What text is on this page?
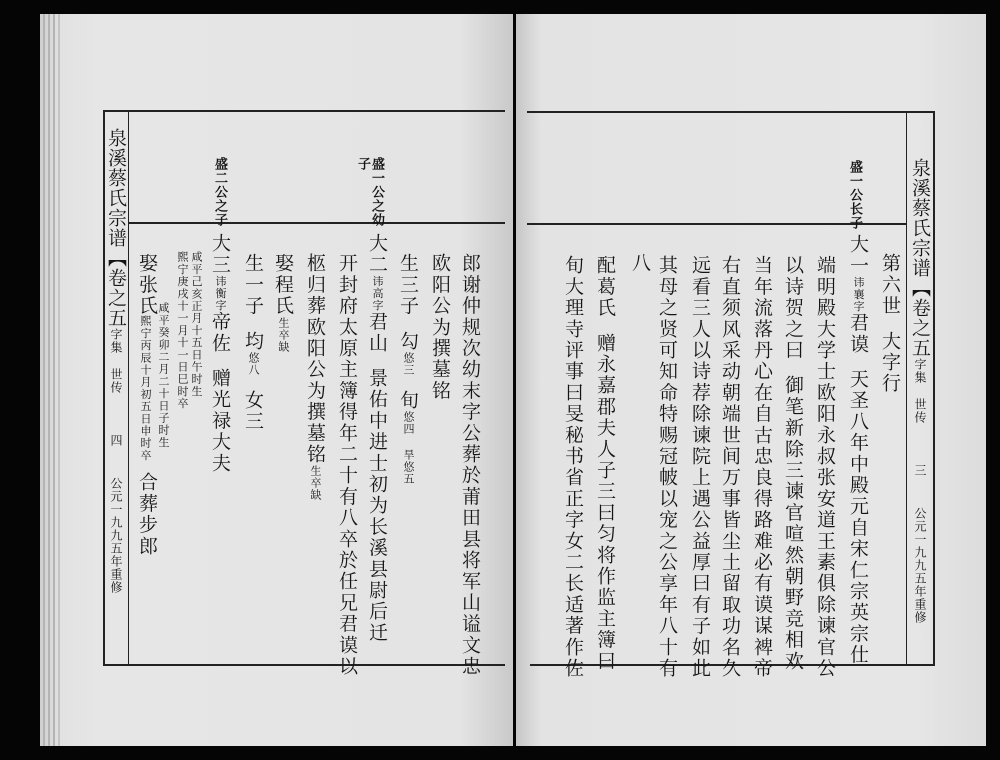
泉溪蔡氏宗谱【卷之五字集世传四公元一九九五年重修
盛一公之幼
子
盛二公之子
郎谢仲规次幼末字公葬於莆田县将军山谥文忠
欧阳公为撰墓铭
生三子勾悠三旬悠四旱悠五
大二讳高字君山景佑中进士初为长溪县尉后迁
开封府太原主簿得年二十有八卒於任兄君谟以
柩归葬欧阳公为撰墓铭生卒缺
娶程氏生卒缺
生一子均悠八女三
大三讳衡字帝佐赠光禄大夫
咸平己亥正月十五日午时生
熙宁庚戌十一月十一日巳时卒
娶张氏
咸平癸卯二月二十日子时生
熙宁丙辰十月初五日申时卒
合葬步郎
泉溪蔡氏宗谱【卷之五字集世传三公元一九九五年重修
盛一公长子
第六世大字行
大一讳襄字君谟天圣八年中殿元自宋仁宗英宗仕
端明殿大学士欧阳永叔张安道王素俱除谏官公
以诗贺之曰御笔新除三谏官喧然朝野竞相欢
当年流落丹心在自古忠良得路难必有谟谋裨帝
右直须风采动朝端世间万事皆尘土留取功名久
远看三人以诗荐除谏院上遇公益厚曰有子如此
其母之贤可知命特赐冠帔以宠之公享年八十有
八
配葛氏赠永嘉郡夫人子三曰匀将作监主簿曰
旬大理寺评事曰旻秘书省正字女二长适著作佐
